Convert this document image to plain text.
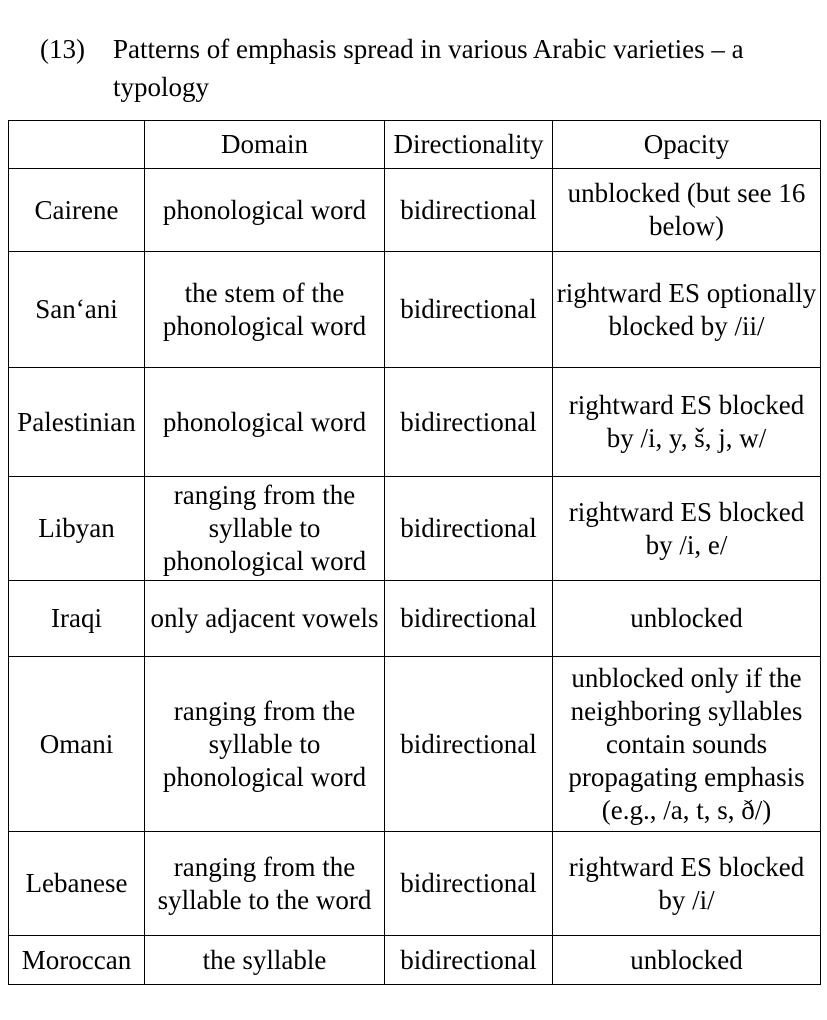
(13)	Patterns of emphasis spread in various Arabic varieties – a typology
	Domain	Directionality	Opacity
Cairene	phonological word	bidirectional	unblocked (but see 16 below)
San‘ani	the stem of the phonological word	bidirectional	rightward ES optionally blocked by /ii/
Palestinian	phonological word	bidirectional	rightward ES blocked by /i, y, š, j, w/
Libyan	ranging from the syllable to phonological word	bidirectional	rightward ES blocked by /i, e/
Iraqi	only adjacent vowels	bidirectional	unblocked
Omani	ranging from the syllable to phonological word	bidirectional	unblocked only if the neighboring syllables contain sounds propagating emphasis (e.g., /a, t, s, ð/)
Lebanese	ranging from the syllable to the word	bidirectional	rightward ES blocked by /i/
Moroccan	the syllable	bidirectional	unblocked
